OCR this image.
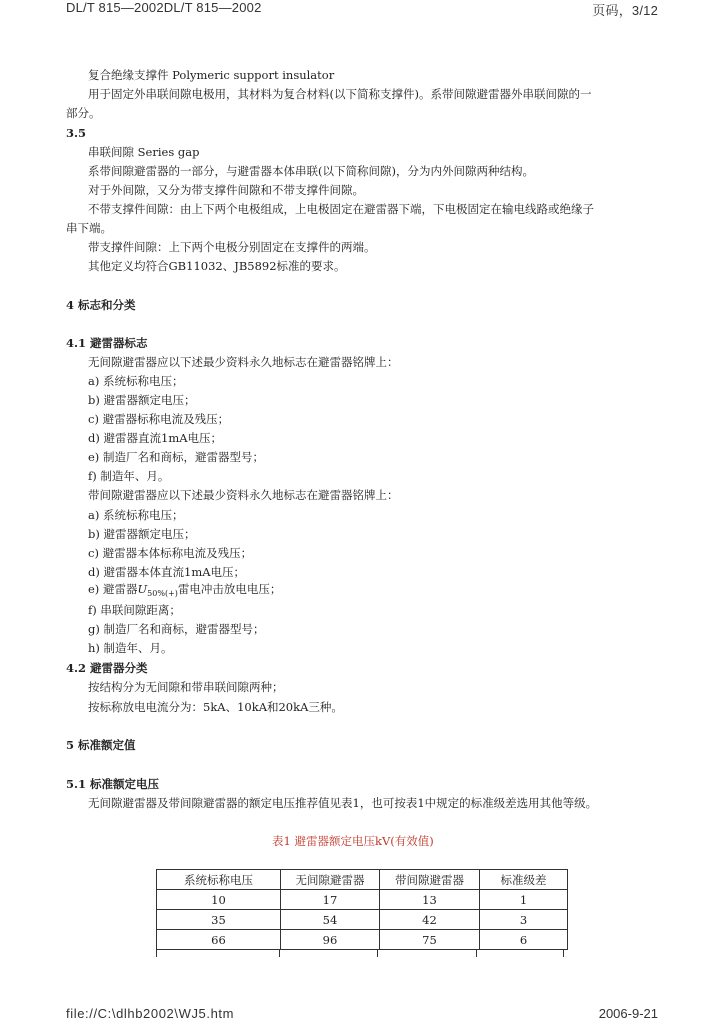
DL/T 815—2002DL/T 815—2002	页码，3/12
复合绝缘支撑件 Polymeric support insulator
用于固定外串联间隙电极用，其材料为复合材料(以下简称支撑件)。系带间隙避雷器外串联间隙的一
部分。
3.5
串联间隙 Series gap
系带间隙避雷器的一部分，与避雷器本体串联(以下简称间隙)，分为内外间隙两种结构。
对于外间隙，又分为带支撑件间隙和不带支撑件间隙。
不带支撑件间隙：由上下两个电极组成，上电极固定在避雷器下端，下电极固定在输电线路或绝缘子
串下端。
带支撑件间隙：上下两个电极分别固定在支撑件的两端。
其他定义均符合GB11032、JB5892标准的要求。
4 标志和分类
4.1 避雷器标志
无间隙避雷器应以下述最少资料永久地标志在避雷器铭牌上：
a) 系统标称电压；
b) 避雷器额定电压；
c) 避雷器标称电流及残压；
d) 避雷器直流1mA电压；
e) 制造厂名和商标，避雷器型号；
f) 制造年、月。
带间隙避雷器应以下述最少资料永久地标志在避雷器铭牌上：
a) 系统标称电压；
b) 避雷器额定电压；
c) 避雷器本体标称电流及残压；
d) 避雷器本体直流1mA电压；
e) 避雷器$U_{50\%(+)}$雷电冲击放电电压；
f) 串联间隙距离；
g) 制造厂名和商标，避雷器型号；
h) 制造年、月。
4.2 避雷器分类
按结构分为无间隙和带串联间隙两种；
按标称放电电流分为：5kA、10kA和20kA三种。
5 标准额定值
5.1 标准额定电压
无间隙避雷器及带间隙避雷器的额定电压推荐值见表1，也可按表1中规定的标准级差选用其他等级。
表1 避雷器额定电压kV(有效值)
系统标称电压	无间隙避雷器	带间隙避雷器	标准级差
10	17	13	1
35	54	42	3
66	96	75	6
file://C:\dlhb2002\WJ5.htm	2006-9-21
